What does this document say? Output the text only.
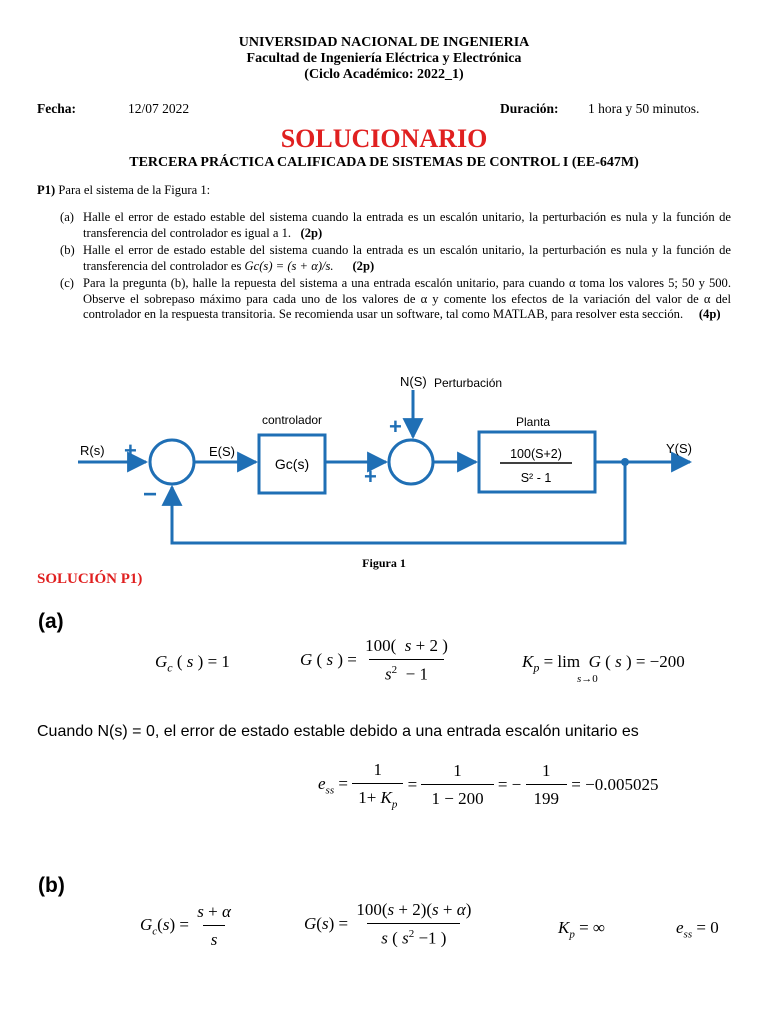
UNIVERSIDAD NACIONAL DE INGENIERIA
Facultad de Ingeniería Eléctrica y Electrónica
(Ciclo Académico: 2022_1)
Fecha:	12/07 2022	Duración: 1 hora y 50 minutos.
SOLUCIONARIO
TERCERA PRÁCTICA CALIFICADA DE SISTEMAS DE CONTROL I (EE-647M)
P1) Para el sistema de la Figura 1:
(a) Halle el error de estado estable del sistema cuando la entrada es un escalón unitario, la perturbación es nula y la función de transferencia del controlador es igual a 1. (2p)
(b) Halle el error de estado estable del sistema cuando la entrada es un escalón unitario, la perturbación es nula y la función de transferencia del controlador es Gc(s) = (s + α)/s. (2p)
(c) Para la pregunta (b), halle la repuesta del sistema a una entrada escalón unitario, para cuando α toma los valores 5; 50 y 500. Observe el sobrepaso máximo para cada uno de los valores de α y comente los efectos de la variación del valor de α del controlador en la respuesta transitoria. Se recomienda usar un software, tal como MATLAB, para resolver esta sección. (4p)
R(s)	E(S)	Y(S)
N(S) Perturbación
controlador
Gc(s)
Planta
100(S+2)
S² - 1
+
−
+
+
Figura 1
SOLUCIÓN P1)
(a)
$G_c$ ( s ) = 1	G ( s ) = $\frac{100( s + 2 )}{s^2 - 1}$	$K_p = \lim G$ ( s ) = −200
s→0
Cuando N(s) = 0, el error de estado estable debido a una entrada escalón unitario es
$e_{ss} = \frac{1}{1+ K_p} = \frac{1}{1 - 200}$ = − $\frac{1}{199} = -0.005025$
(b)
$G_c(s) = \frac{s + \alpha}{s}$	$G(s) = \frac{100(s + 2)(s + \alpha)}{s ( s^2 -1 )}$	$K_p$ = ∞	$e_{ss} = 0$
